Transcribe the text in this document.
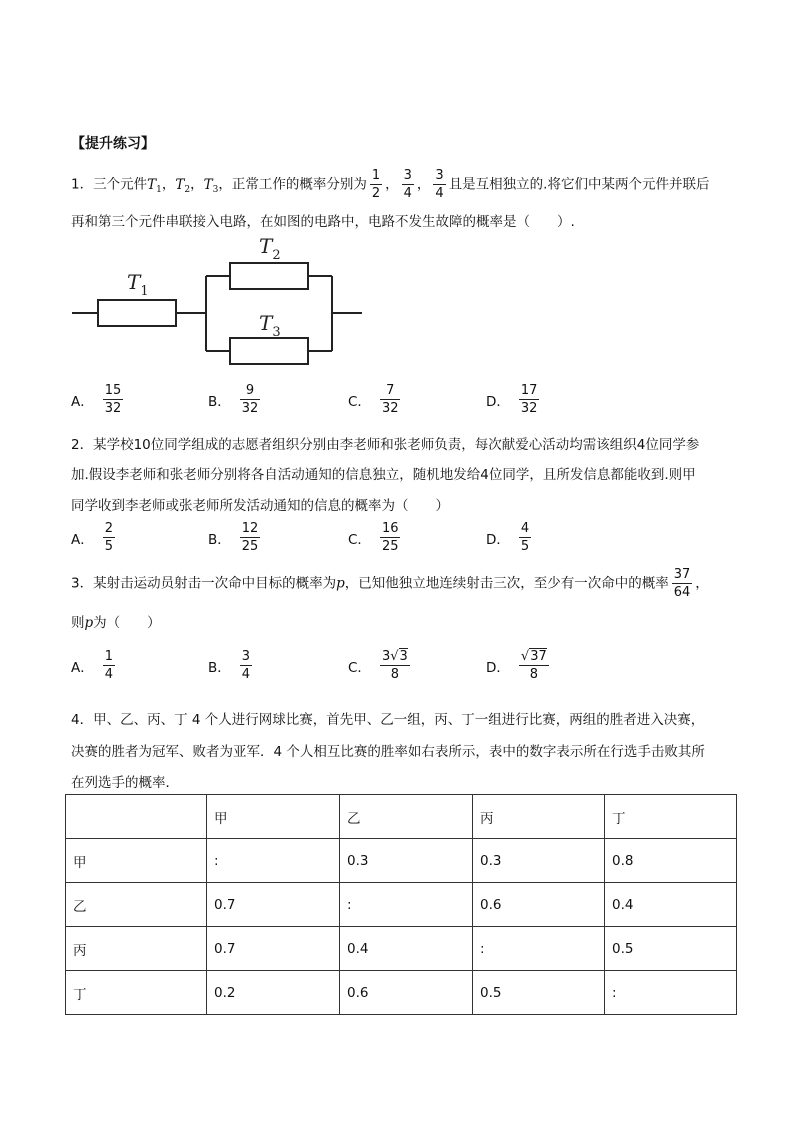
【提升练习】
1．三个元件$T_1$，$T_2$，$T_3$，正常工作的概率分别为 $\frac{1}{2}$ ， $\frac{3}{4}$ ， $\frac{3}{4}$ 且是互相独立的.将它们中某两个元件并联后
再和第三个元件串联接入电路，在如图的电路中，电路不发生故障的概率是（　　）.
$T_1$
$T_2$
$T_3$
A． $\frac{15}{32}$	B． $\frac{9}{32}$	C． $\frac{7}{32}$	D． $\frac{17}{32}$
2．某学校10位同学组成的志愿者组织分别由李老师和张老师负责，每次献爱心活动均需该组织4位同学参
加.假设李老师和张老师分别将各自活动通知的信息独立，随机地发给4位同学，且所发信息都能收到.则甲
同学收到李老师或张老师所发活动通知的信息的概率为（　　）
A． $\frac{2}{5}$	B． $\frac{12}{25}$	C． $\frac{16}{25}$	D． $\frac{4}{5}$
3．某射击运动员射击一次命中目标的概率为p，已知他独立地连续射击三次，至少有一次命中的概率 $\frac{37}{64}$ ，
则p为（　　）
A． $\frac{1}{4}$	B． $\frac{3}{4}$	C． $\frac{3√3}{8}$	D． $\frac{√37}{8}$
4．甲、乙、丙、丁 4 个人进行网球比赛，首先甲、乙一组，丙、丁一组进行比赛，两组的胜者进入决赛，
决赛的胜者为冠军、败者为亚军．4 个人相互比赛的胜率如右表所示，表中的数字表示所在行选手击败其所
在列选手的概率．
	甲	乙	丙	丁
甲	:	0.3	0.3	0.8
乙	0.7	:	0.6	0.4
丙	0.7	0.4	:	0.5
丁	0.2	0.6	0.5	:
